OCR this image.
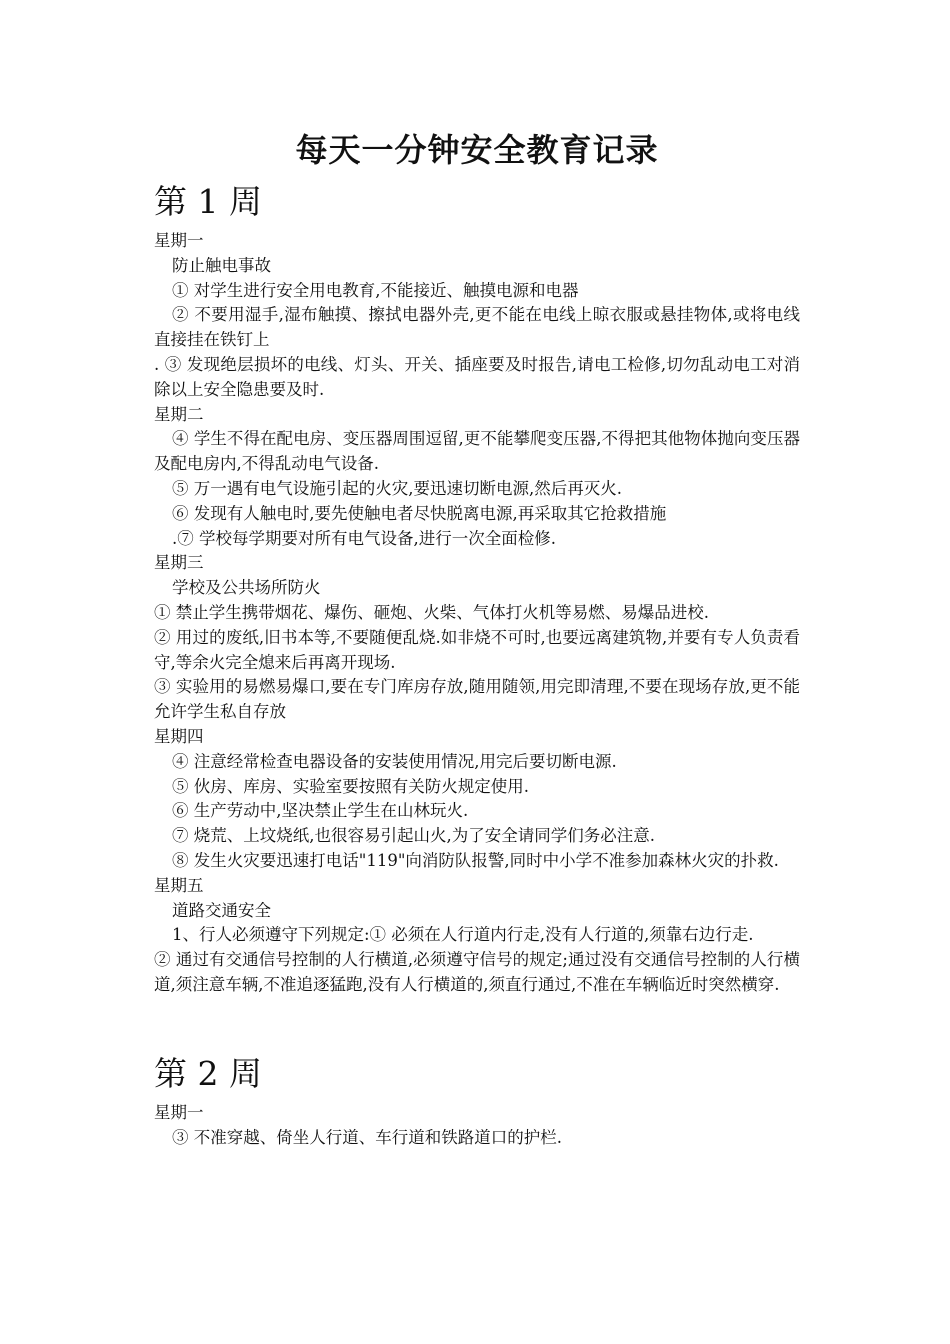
每天一分钟安全教育记录
第 1 周

星期一

防止触电事故

① 对学生进行安全用电教育,不能接近、触摸电源和电器

② 不要用湿手,湿布触摸、擦拭电器外壳,更不能在电线上晾衣服或悬挂物体,或将电线直接挂在铁钉上

. ③ 发现绝层损坏的电线、灯头、开关、插座要及时报告,请电工检修,切勿乱动电工对消除以上安全隐患要及时.

星期二

④ 学生不得在配电房、变压器周围逗留,更不能攀爬变压器,不得把其他物体抛向变压器及配电房内,不得乱动电气设备.

⑤ 万一遇有电气设施引起的火灾,要迅速切断电源,然后再灭火.

⑥ 发现有人触电时,要先使触电者尽快脱离电源,再采取其它抢救措施

.⑦ 学校每学期要对所有电气设备,进行一次全面检修.

星期三

学校及公共场所防火

① 禁止学生携带烟花、爆伤、砸炮、火柴、气体打火机等易燃、易爆品进校.

② 用过的废纸,旧书本等,不要随便乱烧.如非烧不可时,也要远离建筑物,并要有专人负责看守,等余火完全熄来后再离开现场.

③ 实验用的易燃易爆口,要在专门库房存放,随用随领,用完即清理,不要在现场存放,更不能允许学生私自存放

星期四

④ 注意经常检查电器设备的安装使用情况,用完后要切断电源.

⑤ 伙房、库房、实验室要按照有关防火规定使用.

⑥ 生产劳动中,坚决禁止学生在山林玩火.

⑦ 烧荒、上坟烧纸,也很容易引起山火,为了安全请同学们务必注意.

⑧ 发生火灾要迅速打电话"119"向消防队报警,同时中小学不准参加森林火灾的扑救.

星期五

道路交通安全

1、行人必须遵守下列规定:① 必须在人行道内行走,没有人行道的,须靠右边行走.

② 通过有交通信号控制的人行横道,必须遵守信号的规定;通过没有交通信号控制的人行横道,须注意车辆,不准追逐猛跑,没有人行横道的,须直行通过,不准在车辆临近时突然横穿.

第 2 周

星期一

③ 不准穿越、倚坐人行道、车行道和铁路道口的护栏.
